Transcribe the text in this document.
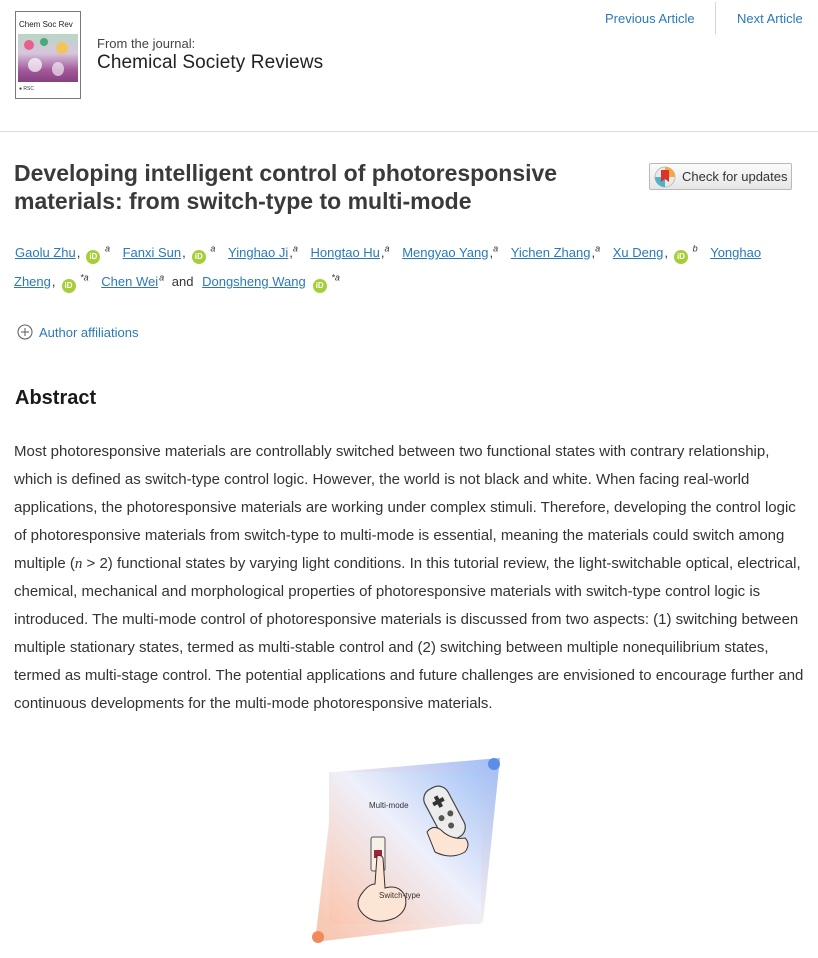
Chem Soc Rev
● RSC
From the journal:
Chemical Society Reviews
Previous Article	Next Article
Developing intelligent control of photoresponsive materials: from switch-type to multi-mode
Check for updates
Gaolu Zhu, iD $^a$ Fanxi Sun, iD $^a$ Yinghao Ji,$^a$ Hongtao Hu,$^a$ Mengyao Yang,$^a$ Yichen Zhang,$^a$ Xu Deng, iD $^b$ Yonghao Zheng, iD $^{*a}$ Chen Wei$^a$ and Dongsheng Wang iD $^{*a}$
Author affiliations
Abstract

Most photoresponsive materials are controllably switched between two functional states with contrary relationship, which is defined as switch-type control logic. However, the world is not black and white. When facing real-world applications, the photoresponsive materials are working under complex stimuli. Therefore, developing the control logic of photoresponsive materials from switch-type to multi-mode is essential, meaning the materials could switch among multiple (n > 2) functional states by varying light conditions. In this tutorial review, the light-switchable optical, electrical, chemical, mechanical and morphological properties of photoresponsive materials with switch-type control logic is introduced. The multi-mode control of photoresponsive materials is discussed from two aspects: (1) switching between multiple stationary states, termed as multi-stable control and (2) switching between multiple nonequilibrium states, termed as multi-stage control. The potential applications and future challenges are envisioned to encourage further and continuous developments for the multi-mode photoresponsive materials.

Multi-mode
Switch-type
